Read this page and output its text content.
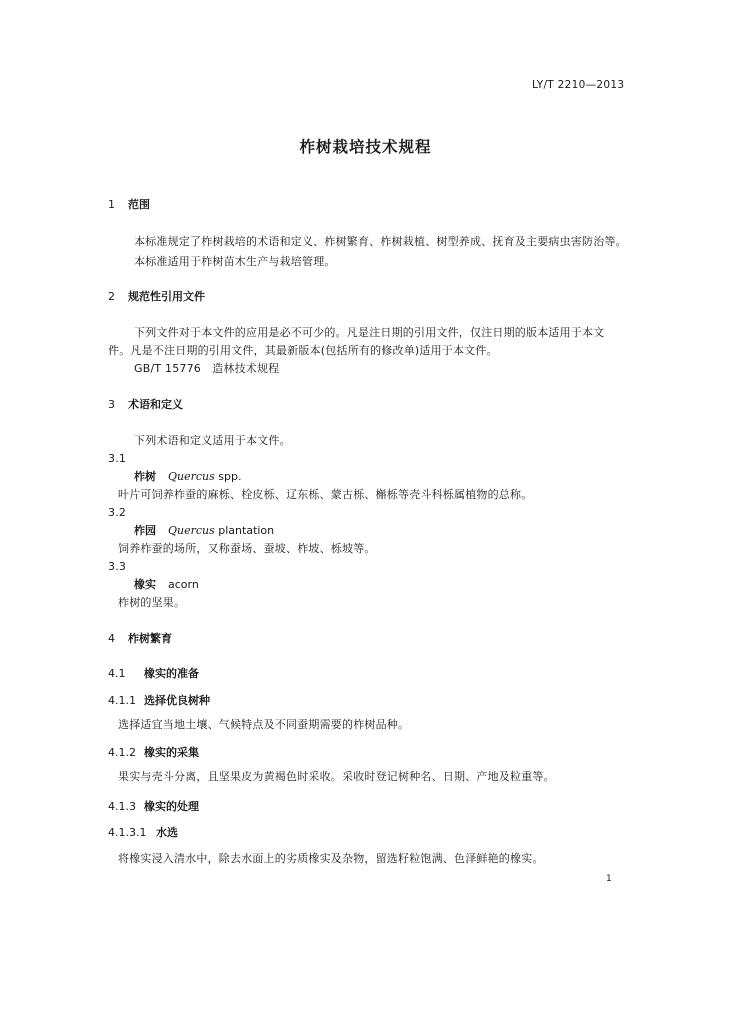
LY/T 2210—2013
柞树栽培技术规程
1 范围
本标准规定了柞树栽培的术语和定义、柞树繁育、柞树栽植、树型养成、抚育及主要病虫害防治等。
本标准适用于柞树苗木生产与栽培管理。
2 规范性引用文件
下列文件对于本文件的应用是必不可少的。凡是注日期的引用文件，仅注日期的版本适用于本文
件。凡是不注日期的引用文件，其最新版本(包括所有的修改单)适用于本文件。
GB/T 15776　造林技术规程
3 术语和定义
下列术语和定义适用于本文件。
3.1
柞树 Quercus spp.
叶片可饲养柞蚕的麻栎、栓皮栎、辽东栎、蒙古栎、槲栎等壳斗科栎属植物的总称。
3.2
柞园 Quercus plantation
饲养柞蚕的场所，又称蚕场、蚕坡、柞坡、栎坡等。
3.3
橡实 acorn
柞树的坚果。
4 柞树繁育
4.1 橡实的准备
4.1.1 选择优良树种
选择适宜当地土壤、气候特点及不同蚕期需要的柞树品种。
4.1.2 橡实的采集
果实与壳斗分离，且坚果皮为黄褐色时采收。采收时登记树种名、日期、产地及粒重等。
4.1.3 橡实的处理
4.1.3.1 水选
将橡实浸入清水中，除去水面上的劣质橡实及杂物，留选籽粒饱满、色泽鲜艳的橡实。
1
